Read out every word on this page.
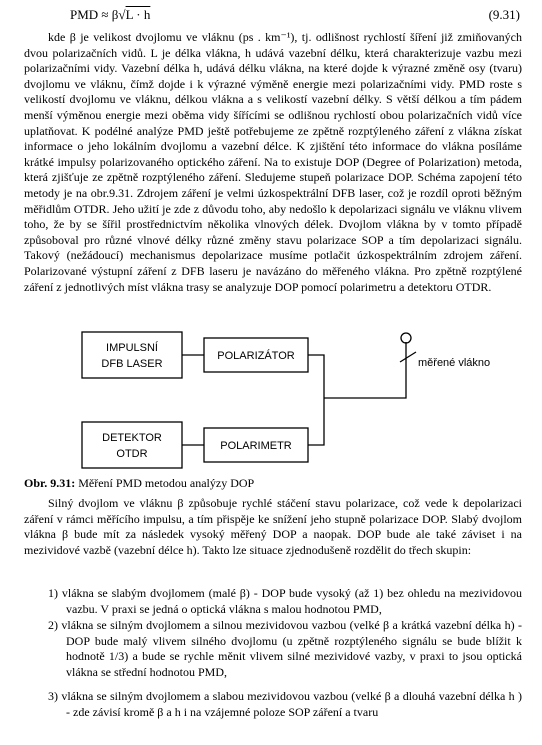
PMD ≈ β√L · h	(9.31)

kde β je velikost dvojlomu ve vláknu (ps . km⁻¹), tj. odlišnost rychlostí šíření již zmiňovaných dvou polarizačních vidů. L je délka vlákna, h udává vazební délku, která charakterizuje vazbu mezi polarizačními vidy. Vazební délka h, udává délku vlákna, na které dojde k výrazné změně osy (tvaru) dvojlomu ve vláknu, čímž dojde i k výrazné výměně energie mezi polarizačními vidy. PMD roste s velikostí dvojlomu ve vláknu, délkou vlákna a s velikostí vazební délky. S větší délkou a tím pádem menší výměnou energie mezi oběma vidy šířícími se odlišnou rychlostí obou polarizačních vidů více uplatňovat. K podélné analýze PMD ještě potřebujeme ze zpětně rozptýleného záření z vlákna získat informace o jeho lokálním dvojlomu a vazební délce. K zjištění této informace do vlákna posíláme krátké impulsy polarizovaného optického záření. Na to existuje DOP (Degree of Polarization) metoda, která zjišťuje ze zpětně rozptýleného záření. Sledujeme stupeň polarizace DOP. Schéma zapojení této metody je na obr.9.31. Zdrojem záření je velmi úzkospektrální DFB laser, což je rozdíl oproti běžným měřidlům OTDR. Jeho užití je zde z důvodu toho, aby nedošlo k depolarizaci signálu ve vláknu vlivem toho, že by se šířil prostřednictvím několika vlnových délek. Dvojlom vlákna by v tomto případě způsoboval pro různé vlnové délky různé změny stavu polarizace SOP a tím depolarizaci signálu. Takový (nežádoucí) mechanismus depolarizace musíme potlačit úzkospektrálním zdrojem záření. Polarizované výstupní záření z DFB laseru je navázáno do měřeného vlákna. Pro zpětně rozptýlené záření z jednotlivých míst vlákna trasy se analyzuje DOP pomocí polarimetru a detektoru OTDR.

IMPULSNÍ
DFB LASER
POLARIZÁTOR
měřené vlákno
DETEKTOR
OTDR
POLARIMETR

Obr. 9.31: Měření PMD metodou analýzy DOP

Silný dvojlom ve vláknu β způsobuje rychlé stáčení stavu polarizace, což vede k depolarizaci záření v rámci měřícího impulsu, a tím přispěje ke snížení jeho stupně polarizace DOP. Slabý dvojlom vlákna β bude mít za následek vysoký měřený DOP a naopak. DOP bude ale také záviset i na mezividové vazbě (vazební délce h). Takto lze situace zjednodušeně rozdělit do třech skupin:

1) vlákna se slabým dvojlomem (malé β) - DOP bude vysoký (až 1) bez ohledu na mezividovou vazbu. V praxi se jedná o optická vlákna s malou hodnotou PMD,

2) vlákna se silným dvojlomem a silnou mezividovou vazbou (velké β a krátká vazební délka h) - DOP bude malý vlivem silného dvojlomu (u zpětně rozptýleného signálu se bude blížit k hodnotě 1/3) a bude se rychle měnit vlivem silné mezividové vazby, v praxi to jsou optická vlákna se střední hodnotou PMD,

3) vlákna se silným dvojlomem a slabou mezividovou vazbou (velké β a dlouhá vazební délka h ) - zde závisí kromě β a h i na vzájemné poloze SOP záření a tvaru
